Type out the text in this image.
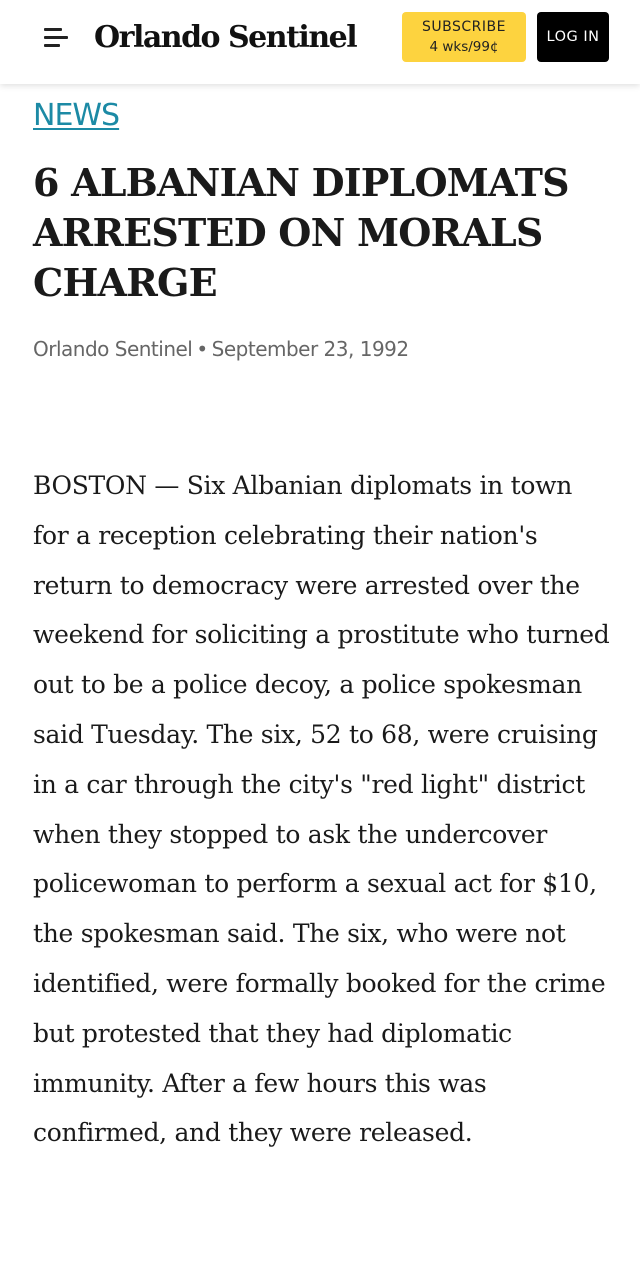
Orlando Sentinel	SUBSCRIBE
4 wks/99¢
LOG IN
NEWS
6 ALBANIAN DIPLOMATS ARRESTED ON MORALS CHARGE
Orlando Sentinel • September 23, 1992

BOSTON — Six Albanian diplomats in town for a reception celebrating their nation's return to democracy were arrested over the weekend for soliciting a prostitute who turned out to be a police decoy, a police spokesman said Tuesday. The six, 52 to 68, were cruising in a car through the city's "red light" district when they stopped to ask the undercover policewoman to perform a sexual act for $10, the spokesman said. The six, who were not identified, were formally booked for the crime but protested that they had diplomatic immunity. After a few hours this was confirmed, and they were released.
